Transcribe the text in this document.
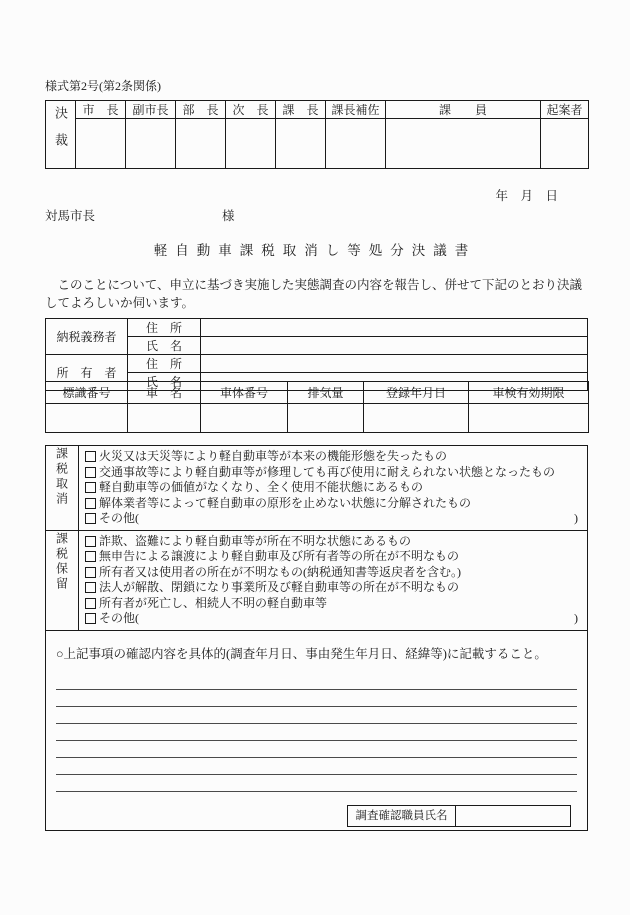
様式第2号(第2条関係)
決裁	市　長	副市長	部　長	次　長	課　長	課長補佐	課　　員	起案者

年　月　日
対馬市長	様
軽自動車課税取消し等処分決議書

このことについて、申立に基づき実施した実態調査の内容を報告し、併せて下記のとおり決議してよろしいか伺います。

納税義務者	住　所	
	氏　名	
所　有　者	住　所	
	氏　名	
標識番号	車　名	車体番号	排気量	登録年月日	車検有効期限

課税取消	火災又は天災等により軽自動車等が本来の機能形態を失ったもの
交通事故等により軽自動車等が修理しても再び使用に耐えられない状態となったもの
軽自動車等の価値がなくなり、全く使用不能状態にあるもの
解体業者等によって軽自動車の原形を止めない状態に分解されたもの
その他(	)

課税保留	詐欺、盗難により軽自動車等が所在不明な状態にあるもの
無申告による譲渡により軽自動車及び所有者等の所在が不明なもの
所有者又は使用者の所在が不明なもの(納税通知書等返戻者を含む。)
法人が解散、閉鎖になり事業所及び軽自動車等の所在が不明なもの
所有者が死亡し、相続人不明の軽自動車等
その他(	)

○上記事項の確認内容を具体的(調査年月日、事由発生年月日、経緯等)に記載すること。

調査確認職員氏名	
